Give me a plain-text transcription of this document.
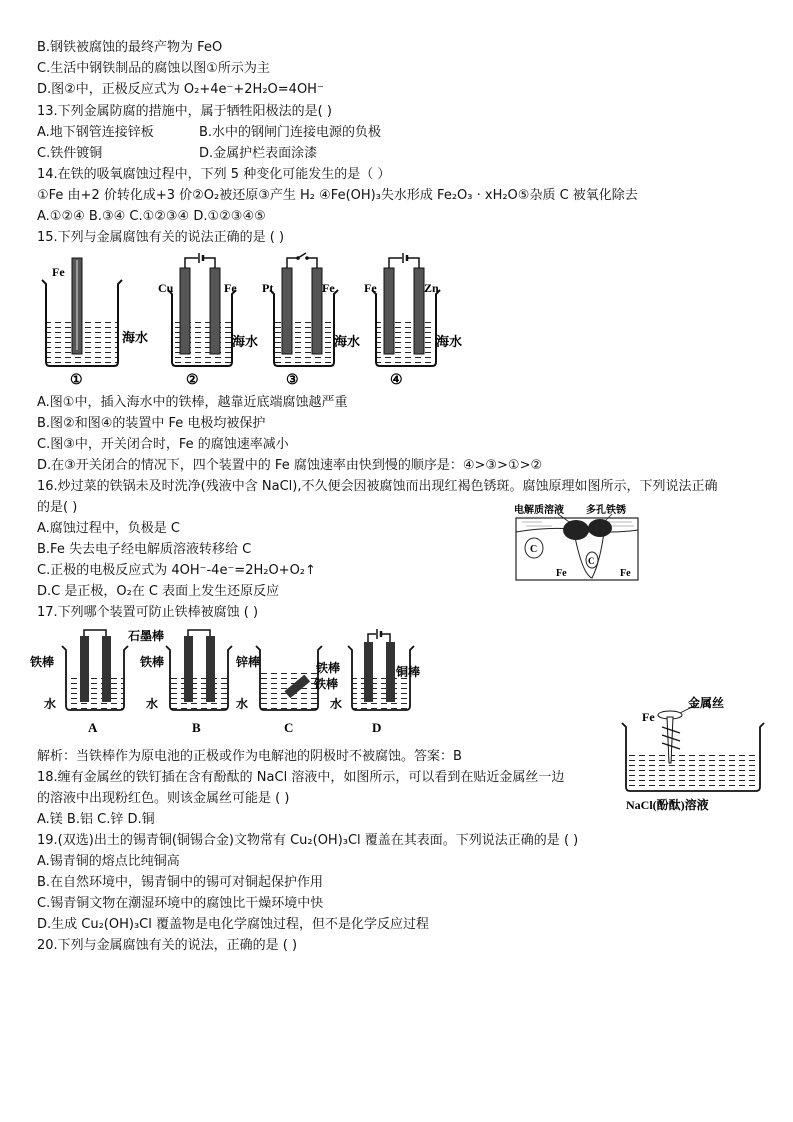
B.钢铁被腐蚀的最终产物为 FeO
C.生活中钢铁制品的腐蚀以图①所示为主
D.图②中，正极反应式为 O₂+4e⁻+2H₂O=4OH⁻
13.下列金属防腐的措施中，属于牺牲阳极法的是( )
A.地下钢管连接锌板	B.水中的钢闸门连接电源的负极
C.铁件镀铜	D.金属护栏表面涂漆
14.在铁的吸氧腐蚀过程中，下列 5 种变化可能发生的是（ ）
①Fe 由+2 价转化成+3 价②O₂被还原③产生 H₂ ④Fe(OH)₃失水形成 Fe₂O₃ · xH₂O⑤杂质 C 被氧化除去
A.①②④ B.③④ C.①②③④ D.①②③④⑤
15.下列与金属腐蚀有关的说法正确的是 ( )
Fe
海水
①
Cu	Fe
海水
②
Pt	Fe
海水
③
Fe	Zn
海水
④
A.图①中，插入海水中的铁棒，越靠近底端腐蚀越严重
B.图②和图④的装置中 Fe 电极均被保护
C.图③中，开关闭合时，Fe 的腐蚀速率减小
D.在③开关闭合的情况下，四个装置中的 Fe 腐蚀速率由快到慢的顺序是：④>③>①>②
16.炒过菜的铁锅未及时洗净(残液中含 NaCl),不久便会因被腐蚀而出现红褐色锈斑。腐蚀原理如图所示，下列说法正确
的是( )
A.腐蚀过程中，负极是 C
B.Fe 失去电子经电解质溶液转移给 C
C.正极的电极反应式为 4OH⁻-4e⁻=2H₂O+O₂↑
D.C 是正极，O₂在 C 表面上发生还原反应
C
C
电解质溶液 多孔铁锈
Fe	Fe
17.下列哪个装置可防止铁棒被腐蚀 ( )
铁棒
石墨棒
水
A
铁棒	锌棒
水
B
铁棒
水
C
铁棒	铜棒
水
D
解析：当铁棒作为原电池的正极或作为电解池的阴极时不被腐蚀。答案：B
18.缠有金属丝的铁钉插在含有酚酞的 NaCl 溶液中，如图所示，可以看到在贴近金属丝一边
的溶液中出现粉红色。则该金属丝可能是 ( )
A.镁 B.铝 C.锌 D.铜
Fe
金属丝
NaCl(酚酞)溶液
19.(双选)出土的锡青铜(铜锡合金)文物常有 Cu₂(OH)₃Cl 覆盖在其表面。下列说法正确的是 ( )
A.锡青铜的熔点比纯铜高
B.在自然环境中，锡青铜中的锡可对铜起保护作用
C.锡青铜文物在潮湿环境中的腐蚀比干燥环境中快
D.生成 Cu₂(OH)₃Cl 覆盖物是电化学腐蚀过程，但不是化学反应过程
20.下列与金属腐蚀有关的说法，正确的是 ( )
